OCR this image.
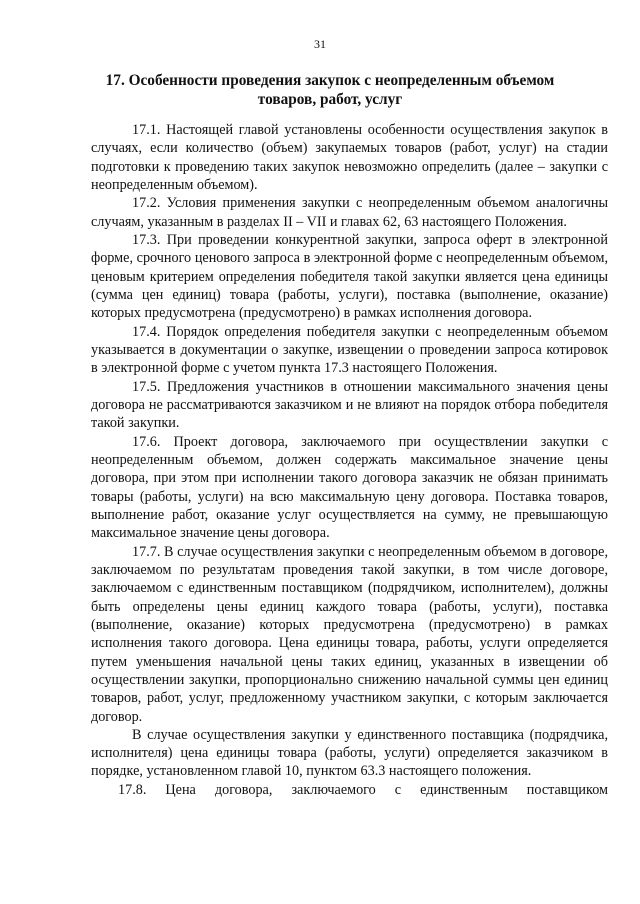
31
17. Особенности проведения закупок с неопределенным объемом товаров, работ, услуг

17.1. Настоящей главой установлены особенности осуществления закупок в случаях, если количество (объем) закупаемых товаров (работ, услуг) на стадии подготовки к проведению таких закупок невозможно определить (далее – закупки с неопределенным объемом).

17.2. Условия применения закупки с неопределенным объемом аналогичны случаям, указанным в разделах II – VII и главах 62, 63 настоящего Положения.

17.3. При проведении конкурентной закупки, запроса оферт в электронной форме, срочного ценового запроса в электронной форме с неопределенным объемом, ценовым критерием определения победителя такой закупки является цена единицы (сумма цен единиц) товара (работы, услуги), поставка (выполнение, оказание) которых предусмотрена (предусмотрено) в рамках исполнения договора.

17.4. Порядок определения победителя закупки с неопределенным объемом указывается в документации о закупке, извещении о проведении запроса котировок в электронной форме с учетом пункта 17.3 настоящего Положения.

17.5. Предложения участников в отношении максимального значения цены договора не рассматриваются заказчиком и не влияют на порядок отбора победителя такой закупки.

17.6. Проект договора, заключаемого при осуществлении закупки с неопределенным объемом, должен содержать максимальное значение цены договора, при этом при исполнении такого договора заказчик не обязан принимать товары (работы, услуги) на всю максимальную цену договора. Поставка товаров, выполнение работ, оказание услуг осуществляется на сумму, не превышающую максимальное значение цены договора.

17.7. В случае осуществления закупки с неопределенным объемом в договоре, заключаемом по результатам проведения такой закупки, в том числе договоре, заключаемом с единственным поставщиком (подрядчиком, исполнителем), должны быть определены цены единиц каждого товара (работы, услуги), поставка (выполнение, оказание) которых предусмотрена (предусмотрено) в рамках исполнения такого договора. Цена единицы товара, работы, услуги определяется путем уменьшения начальной цены таких единиц, указанных в извещении об осуществлении закупки, пропорционально снижению начальной суммы цен единиц товаров, работ, услуг, предложенному участником закупки, с которым заключается договор.

В случае осуществления закупки у единственного поставщика (подрядчика, исполнителя) цена единицы товара (работы, услуги) определяется заказчиком в порядке, установленном главой 10, пунктом 63.3 настоящего положения.

17.8. Цена договора, заключаемого с единственным поставщиком
